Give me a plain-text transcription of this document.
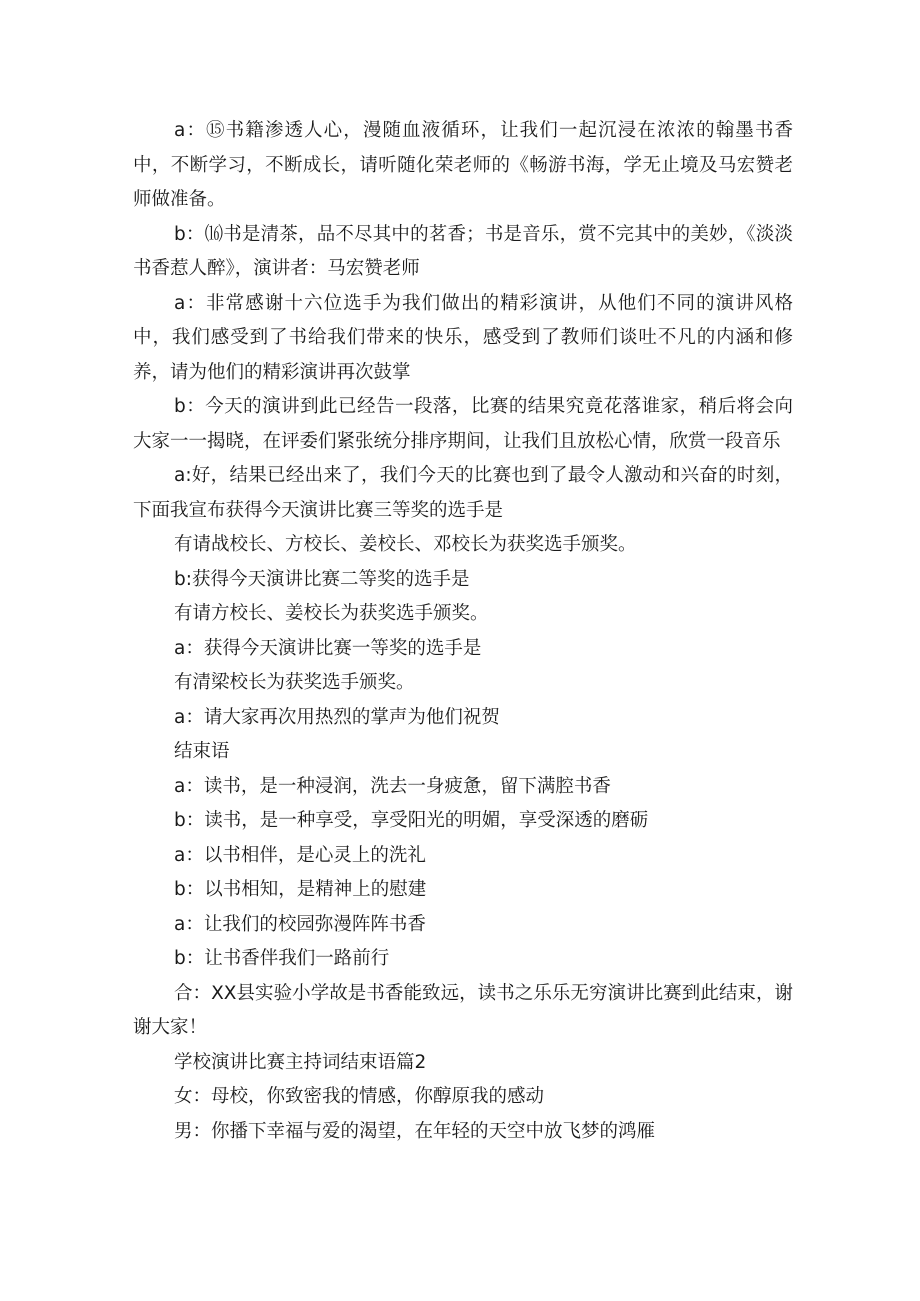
a：⑮书籍渗透人心，漫随血液循环，让我们一起沉浸在浓浓的翰墨书香中，不断学习，不断成长，请听随化荣老师的《畅游书海，学无止境及马宏赞老师做准备。

b：⒃书是清茶，品不尽其中的茗香；书是音乐，赏不完其中的美妙，《淡淡书香惹人醉》，演讲者：马宏赞老师

a：非常感谢十六位选手为我们做出的精彩演讲，从他们不同的演讲风格中，我们感受到了书给我们带来的快乐，感受到了教师们谈吐不凡的内涵和修养，请为他们的精彩演讲再次鼓掌

b：今天的演讲到此已经告一段落，比赛的结果究竟花落谁家，稍后将会向大家一一揭晓，在评委们紧张统分排序期间，让我们且放松心情，欣赏一段音乐

a:好，结果已经出来了，我们今天的比赛也到了最令人激动和兴奋的时刻，下面我宣布获得今天演讲比赛三等奖的选手是

有请战校长、方校长、姜校长、邓校长为获奖选手颁奖。

b:获得今天演讲比赛二等奖的选手是

有请方校长、姜校长为获奖选手颁奖。

a：获得今天演讲比赛一等奖的选手是

有清梁校长为获奖选手颁奖。

a：请大家再次用热烈的掌声为他们祝贺

结束语

a：读书，是一种浸润，洗去一身疲惫，留下满腔书香

b：读书，是一种享受，享受阳光的明媚，享受深透的磨砺

a：以书相伴，是心灵上的洗礼

b：以书相知，是精神上的慰建

a：让我们的校园弥漫阵阵书香

b：让书香伴我们一路前行

合：XX县实验小学故是书香能致远，读书之乐乐无穷演讲比赛到此结束，谢谢大家！

学校演讲比赛主持词结束语篇2

女：母校，你致密我的情感，你醇原我的感动

男：你播下幸福与爱的渴望，在年轻的天空中放飞梦的鸿雁
